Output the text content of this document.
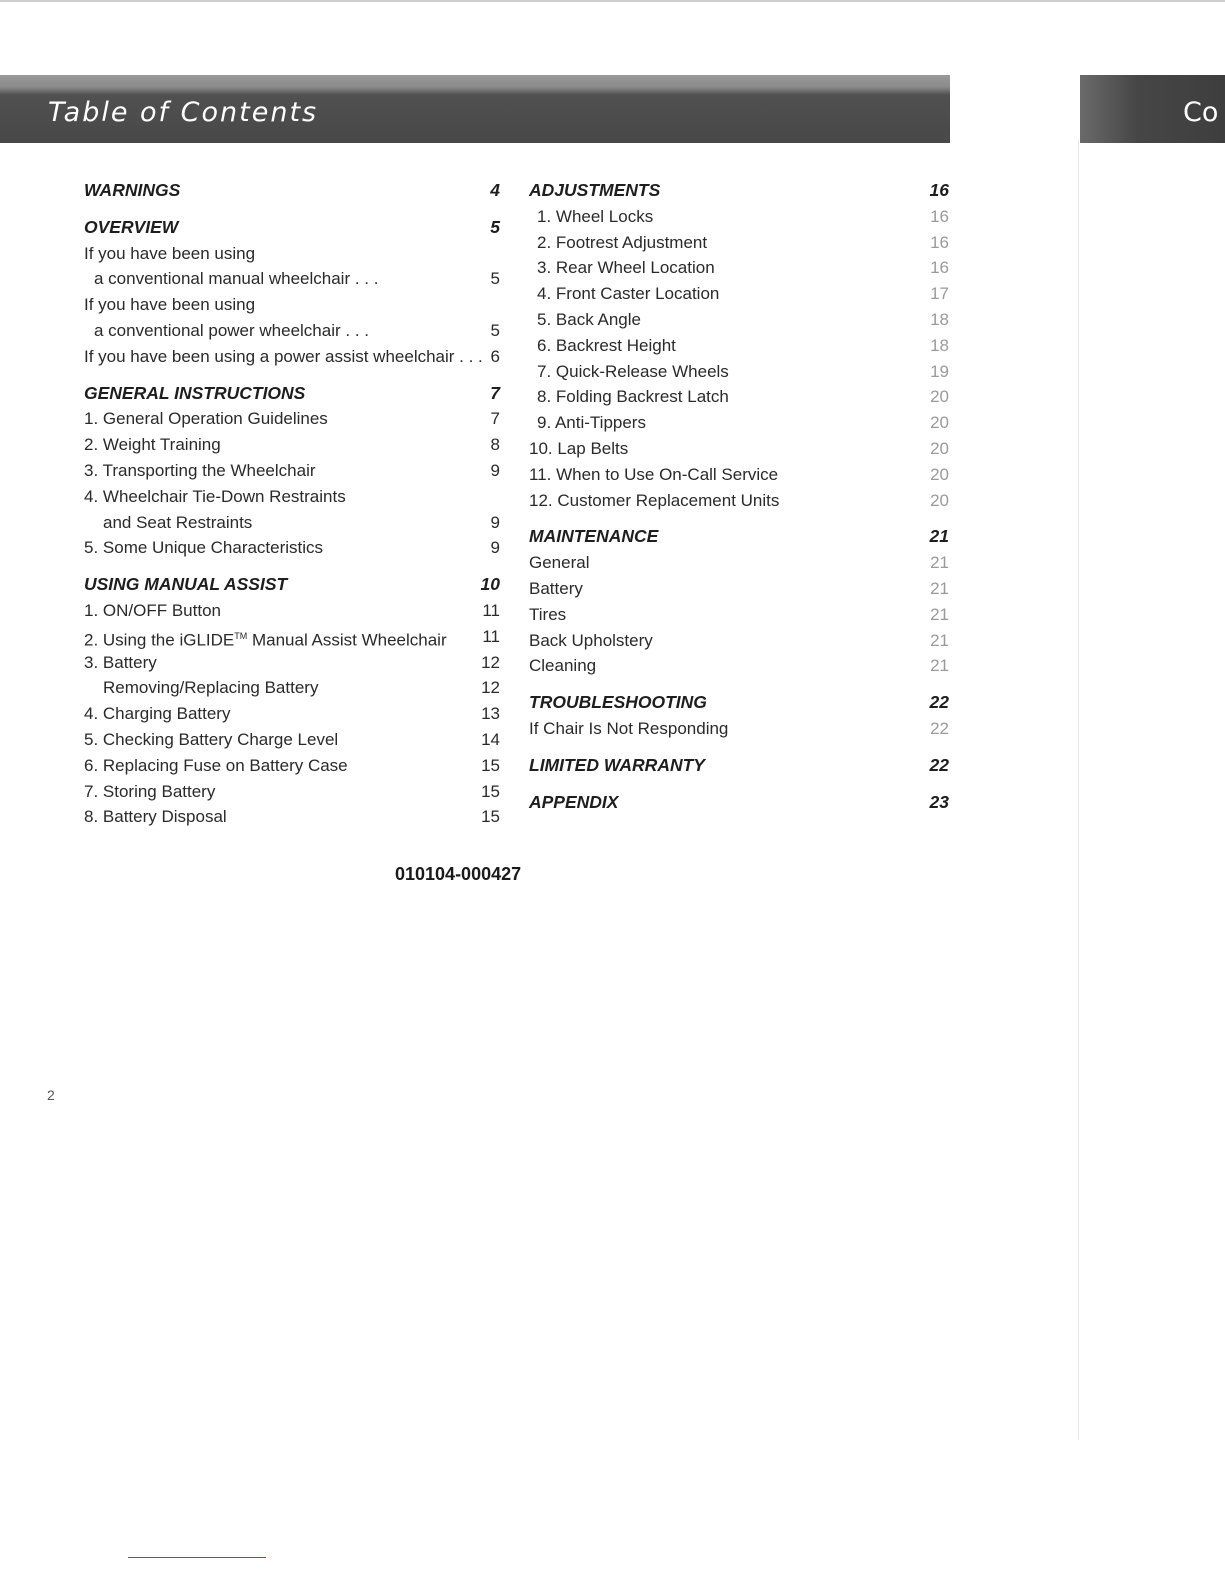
Table of Contents	Co
WARNINGS	4
OVERVIEW	5
If you have been using
a conventional manual wheelchair . . .	5
If you have been using
a conventional power wheelchair . . .	5
If you have been using a power assist wheelchair . . . 6
GENERAL INSTRUCTIONS	7
1. General Operation Guidelines	7
2. Weight Training	8
3. Transporting the Wheelchair	9
4. Wheelchair Tie-Down Restraints
and Seat Restraints	9
5. Some Unique Characteristics	9
USING MANUAL ASSIST	10
1. ON/OFF Button	11
2. Using the iGLIDE™ Manual Assist Wheelchair 11
3. Battery	12
Removing/Replacing Battery	12
4. Charging Battery	13
5. Checking Battery Charge Level	14
6. Replacing Fuse on Battery Case	15
7. Storing Battery	15
8. Battery Disposal	15
ADJUSTMENTS	16
1. Wheel Locks	16
2. Footrest Adjustment	16
3. Rear Wheel Location	16
4. Front Caster Location	17
5. Back Angle	18
6. Backrest Height	18
7. Quick-Release Wheels	19
8. Folding Backrest Latch	20
9. Anti-Tippers	20
10. Lap Belts	20
11. When to Use On-Call Service	20
12. Customer Replacement Units	20
MAINTENANCE	21
General	21
Battery	21
Tires	21
Back Upholstery	21
Cleaning	21
TROUBLESHOOTING	22
If Chair Is Not Responding	22
LIMITED WARRANTY	22
APPENDIX	23
010104-000427
2
